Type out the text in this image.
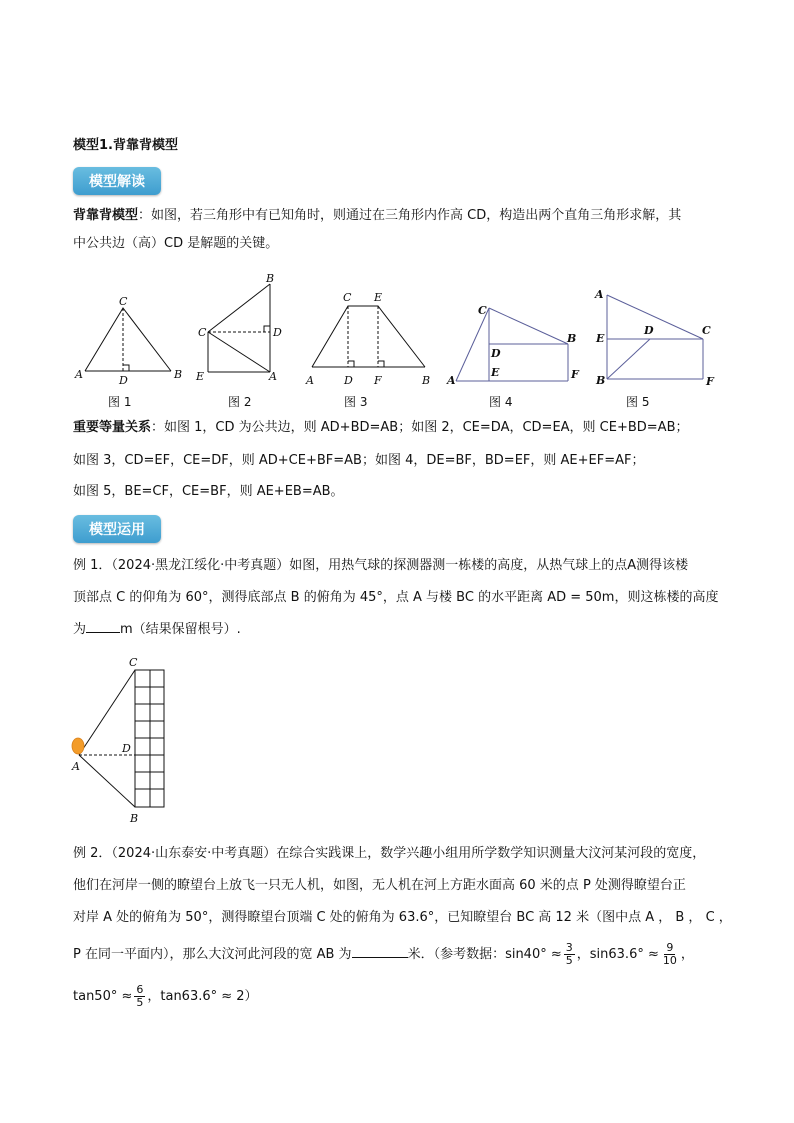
模型1.背靠背模型
模型解读
背靠背模型：如图，若三角形中有已知角时，则通过在三角形内作高 CD，构造出两个直角三角形求解，其
中公共边（高）CD 是解题的关键。
C
A	D	B
图 1
B
C	D
E	A
图 2
C E
A	D F	B
图 3
C
B
D
E	F
A
图 4
A
D	C
E
B	F
图 5
重要等量关系：如图 1，CD 为公共边，则 AD+BD=AB；如图 2，CE=DA，CD=EA，则 CE+BD=AB；
如图 3，CD=EF，CE=DF，则 AD+CE+BF=AB；如图 4，DE=BF，BD=EF，则 AE+EF=AF；
如图 5，BE=CF，CE=BF，则 AE+EB=AB。
模型运用
例 1．（2024·黑龙江绥化·中考真题）如图，用热气球的探测器测一栋楼的高度，从热气球上的点A测得该楼
顶部点 C 的仰角为 60°，测得底部点 B 的俯角为 45°，点 A 与楼 BC 的水平距离 AD = 50m，则这栋楼的高度
为	m（结果保留根号）.
C
D
A
B
例 2．（2024·山东泰安·中考真题）在综合实践课上，数学兴趣小组用所学数学知识测量大汶河某河段的宽度，
他们在河岸一侧的瞭望台上放飞一只无人机，如图，无人机在河上方距水面高 60 米的点 P 处测得瞭望台正
对岸 A 处的俯角为 50°，测得瞭望台顶端 C 处的俯角为 63.6°，已知瞭望台 BC 高 12 米（图中点 A ， B ， C ，
P 在同一平面内），那么大汶河此河段的宽 AB 为	米．（参考数据：$\sin 40^\circ \approx \frac{3}{5}$ ，$\sin 63.6^\circ \approx \frac{9}{10}$ ，
$\tan 50^\circ \approx \frac{6}{5}$ ，tan63.6° ≈ 2）
